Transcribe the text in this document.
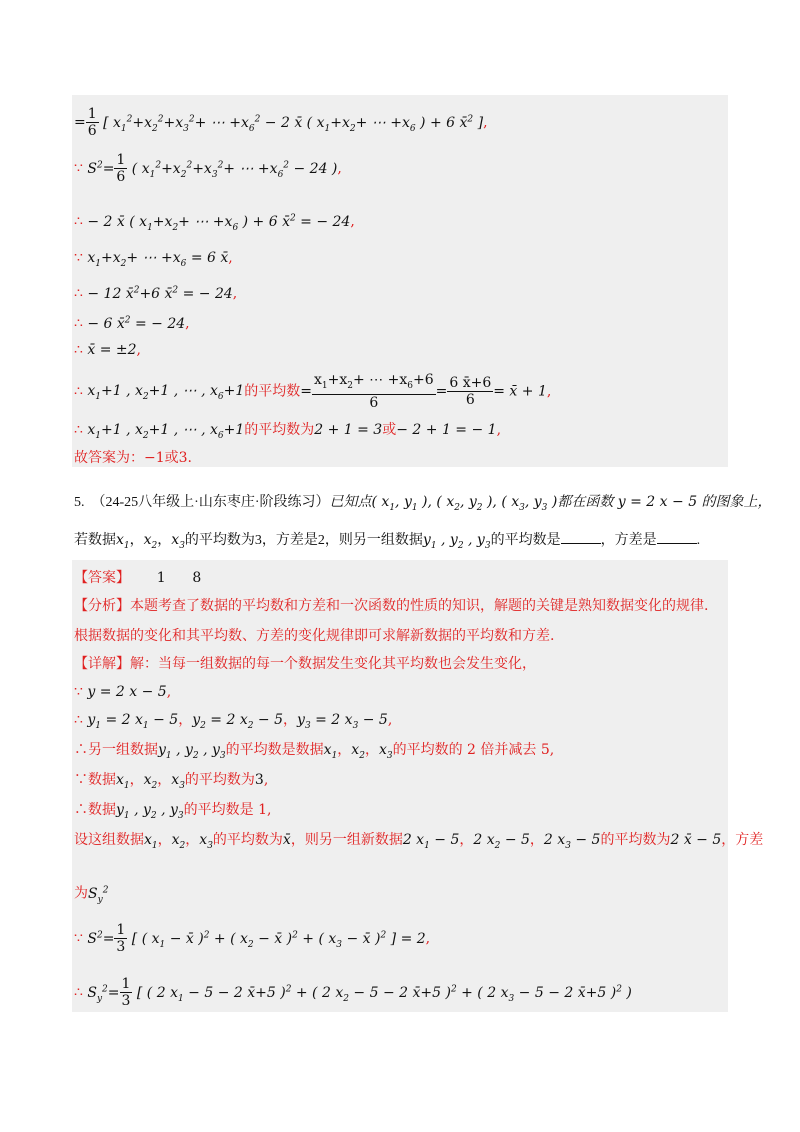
= $\frac{1}{6}$ [ $x_1^2+x_2^2+x_3^2+$ ⋯ $+x_6^2 - 2$ x̄ ( $x_1+x_2+$ ⋯ $+x_6$ ) + 6 x̄$^2$ ],
∵ $S^2= \frac{1}{6}$ ( $x_1^2+x_2^2+x_3^2+$ ⋯ $+x_6^2 - 24$ ),
∴ − 2 x̄ ( $x_1+x_2+$ ⋯ $+x_6$ ) + 6 x̄$^2$ = − 24,
∵ $x_1+x_2+$ ⋯ $+x_6 = 6$ x̄,
∴ − 12 x̄$^2$+6 x̄$^2$ = − 24,
∴ − 6 x̄$^2$ = − 24,
∴ x̄ = ±2,
∴ $x_1+1$ , $x_2+1$ , ⋯ , $x_6+1$的平均数= $\frac{x_1+x_2+ \cdots +x_6+6}{6} = \frac{6 x̄+6}{6}$ = x̄ + 1,
∴ $x_1+1$ , $x_2+1$ , ⋯ , $x_6+1$的平均数为2 + 1 = 3或− 2 + 1 = − 1,
故答案为：−1或3.
5. （24-25八年级上·山东枣庄·阶段练习）已知点( $x_1$, $y_1$ ), ( $x_2$, $y_2$ ), ( $x_3$, $y_3$ )都在函数 y = 2 x − 5 的图象上，
若数据$x_1$，$x_2$，$x_3$的平均数为3，方差是2，则另一组数据$y_1$ , $y_2$ , $y_3$的平均数是	，方差是	.
【答案】 1 8
【分析】本题考查了数据的平均数和方差和一次函数的性质的知识，解题的关键是熟知数据变化的规律.
根据数据的变化和其平均数、方差的变化规律即可求解新数据的平均数和方差.
【详解】解：当每一组数据的每一个数据发生变化其平均数也会发生变化，
∵ y = 2 x − 5,
∴ $y_1 = 2$ $x_1 - 5$，$y_2 = 2$ $x_2 - 5$，$y_3 = 2$ $x_3 - 5$,
∴另一组数据$y_1$ , $y_2$ , $y_3$的平均数是数据$x_1$，$x_2$，$x_3$的平均数的 2 倍并减去 5,
∵数据$x_1$，$x_2$，$x_3$的平均数为3,
∴数据$y_1$ , $y_2$ , $y_3$的平均数是 1,
设这组数据$x_1$，$x_2$，$x_3$的平均数为x̄，则另一组新数据2 $x_1 - 5$，2 $x_2 - 5$，2 $x_3 - 5$的平均数为2 x̄ − 5，方差
为$S_y^2$
∵ $S^2= \frac{1}{3}$ [ ( $x_1$ − x̄ )$^2$ + ( $x_2$ − x̄ )$^2$ + ( $x_3$ − x̄ )$^2$ ] = 2,
∴ $S_y^2= \frac{1}{3}$ [ ( 2 $x_1 - 5 - 2$ x̄+5 )$^2$ + ( 2 $x_2 - 5 - 2$ x̄+5 )$^2$ + ( 2 $x_3 - 5 - 2$ x̄+5 )$^2$ )
